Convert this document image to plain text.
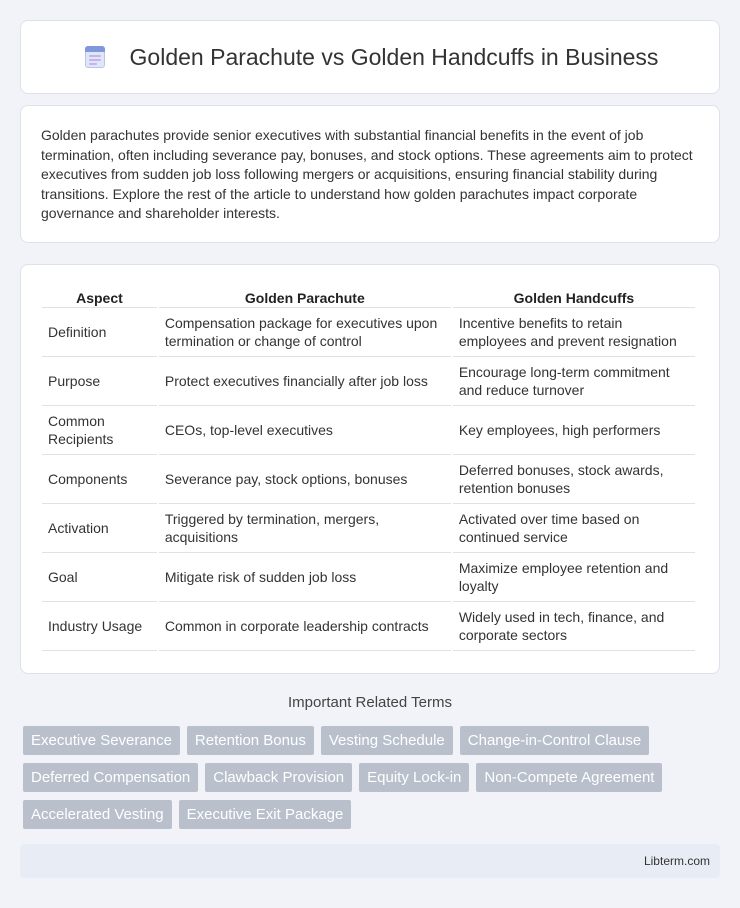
Golden Parachute vs Golden Handcuffs in Business

Golden parachutes provide senior executives with substantial financial benefits in the event of job termination, often including severance pay, bonuses, and stock options. These agreements aim to protect executives from sudden job loss following mergers or acquisitions, ensuring financial stability during transitions. Explore the rest of the article to understand how golden parachutes impact corporate governance and shareholder interests.

Aspect	Golden Parachute	Golden Handcuffs
Definition	Compensation package for executives upon termination or change of control	Incentive benefits to retain employees and prevent resignation
Purpose	Protect executives financially after job loss	Encourage long-term commitment and reduce turnover
Common Recipients	CEOs, top-level executives	Key employees, high performers
Components	Severance pay, stock options, bonuses	Deferred bonuses, stock awards, retention bonuses
Activation	Triggered by termination, mergers, acquisitions	Activated over time based on continued service
Goal	Mitigate risk of sudden job loss	Maximize employee retention and loyalty
Industry Usage	Common in corporate leadership contracts	Widely used in tech, finance, and corporate sectors
Important Related Terms
Executive Severance	Retention Bonus	Vesting Schedule	Change-in-Control Clause
Deferred Compensation	Clawback Provision	Equity Lock-in	Non-Compete Agreement
Accelerated Vesting	Executive Exit Package
Libterm.com
